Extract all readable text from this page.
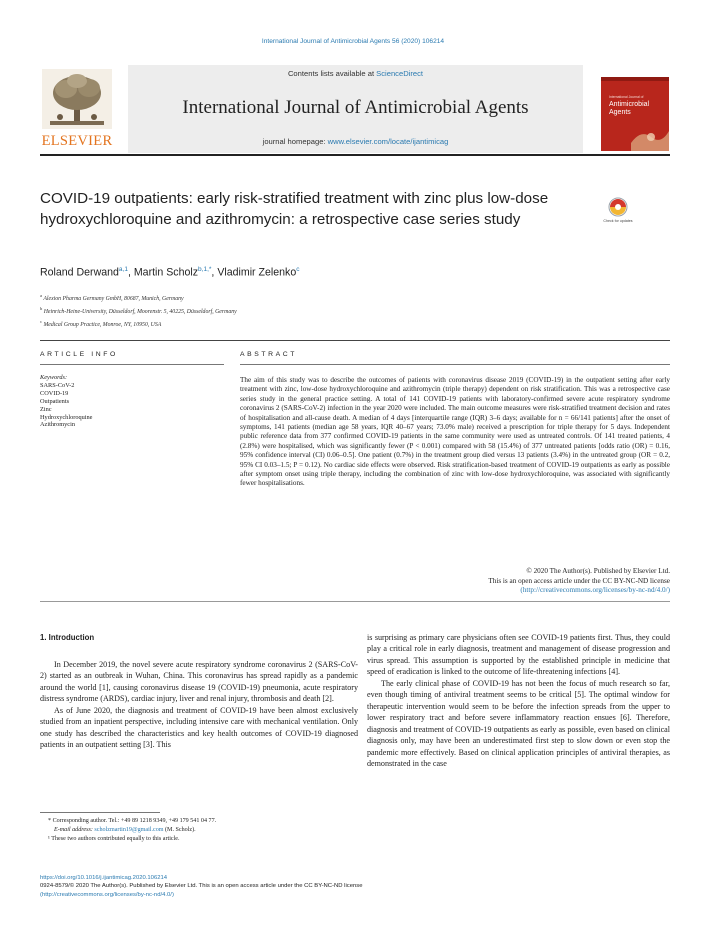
International Journal of Antimicrobial Agents 56 (2020) 106214
ELSEVIER
Contents lists available at ScienceDirect
International Journal of Antimicrobial Agents
journal homepage: www.elsevier.com/locate/ijantimicag
International Journal of
Antimicrobial Agents
COVID-19 outpatients: early risk-stratified treatment with zinc plus low-dose hydroxychloroquine and azithromycin: a retrospective case series study	Check for updates
Roland Derwand$^{a,1}$, Martin Scholz$^{b,1,*}$, Vladimir Zelenko$^c$
$^a$ Alexion Pharma Germany GmbH, 80687, Munich, Germany
$^b$ Heinrich-Heine-University, Düsseldorf, Moorenstr. 5, 40225, Düsseldorf, Germany
$^c$ Medical Group Practice, Monroe, NY, 10950, USA
ARTICLE INFO	ABSTRACT
Keywords:
SARS-CoV-2
COVID-19
Outpatients
Zinc
Hydroxychloroquine
Azithromycin
The aim of this study was to describe the outcomes of patients with coronavirus disease 2019 (COVID-19) in the outpatient setting after early treatment with zinc, low-dose hydroxychloroquine and azithromycin (triple therapy) dependent on risk stratification. This was a retrospective case series study in the general practice setting. A total of 141 COVID-19 patients with laboratory-confirmed severe acute respiratory syndrome coronavirus 2 (SARS-CoV-2) infection in the year 2020 were included. The main outcome measures were risk-stratified treatment decision and rates of hospitalisation and all-cause death. A median of 4 days [interquartile range (IQR) 3–6 days; available for n = 66/141 patients] after the onset of symptoms, 141 patients (median age 58 years, IQR 40–67 years; 73.0% male) received a prescription for triple therapy for 5 days. Independent public reference data from 377 confirmed COVID-19 patients in the same community were used as untreated controls. Of 141 treated patients, 4 (2.8%) were hospitalised, which was significantly fewer (P < 0.001) compared with 58 (15.4%) of 377 untreated patients [odds ratio (OR) = 0.16, 95% confidence interval (CI) 0.06–0.5]. One patient (0.7%) in the treatment group died versus 13 patients (3.4%) in the untreated group (OR = 0.2, 95% CI 0.03–1.5; P = 0.12). No cardiac side effects were observed. Risk stratification-based treatment of COVID-19 outpatients as early as possible after symptom onset using triple therapy, including the combination of zinc with low-dose hydroxychloroquine, was associated with significantly fewer hospitalisations.
© 2020 The Author(s). Published by Elsevier Ltd.
This is an open access article under the CC BY-NC-ND license
(http://creativecommons.org/licenses/by-nc-nd/4.0/)
1. Introduction

In December 2019, the novel severe acute respiratory syndrome coronavirus 2 (SARS-CoV-2) started as an outbreak in Wuhan, China. This coronavirus has spread rapidly as a pandemic around the world [1], causing coronavirus disease 19 (COVID-19) pneumonia, acute respiratory distress syndrome (ARDS), cardiac injury, liver and renal injury, thrombosis and death [2].

As of June 2020, the diagnosis and treatment of COVID-19 have been almost exclusively studied from an inpatient perspective, including intensive care with mechanical ventilation. Only one study has described the characteristics and key health outcomes of COVID-19 diagnosed patients in an outpatient setting [3]. This

is surprising as primary care physicians often see COVID-19 patients first. Thus, they could play a critical role in early diagnosis, treatment and management of disease progression and virus spread. This assumption is supported by the established principle in medicine that speed of eradication is linked to the outcome of life-threatening infections [4].

The early clinical phase of COVID-19 has not been the focus of much research so far, even though timing of antiviral treatment seems to be critical [5]. The optimal window for therapeutic intervention would seem to be before the infection spreads from the upper to lower respiratory tract and before severe inflammatory reaction ensues [6]. Therefore, diagnosis and treatment of COVID-19 outpatients as early as possible, even based on clinical diagnosis only, may have been an underestimated first step to slow down or even stop the pandemic more effectively. Based on clinical application principles of antiviral therapies, as demonstrated in the case

* Corresponding author. Tel.: +49 89 1218 9349, +49 179 541 04 77.
E-mail address: scholzmartin19@gmail.com (M. Scholz).
¹ These two authors contributed equally to this article.
https://doi.org/10.1016/j.ijantimicag.2020.106214
0924-8579/© 2020 The Author(s). Published by Elsevier Ltd. This is an open access article under the CC BY-NC-ND license
(http://creativecommons.org/licenses/by-nc-nd/4.0/)
